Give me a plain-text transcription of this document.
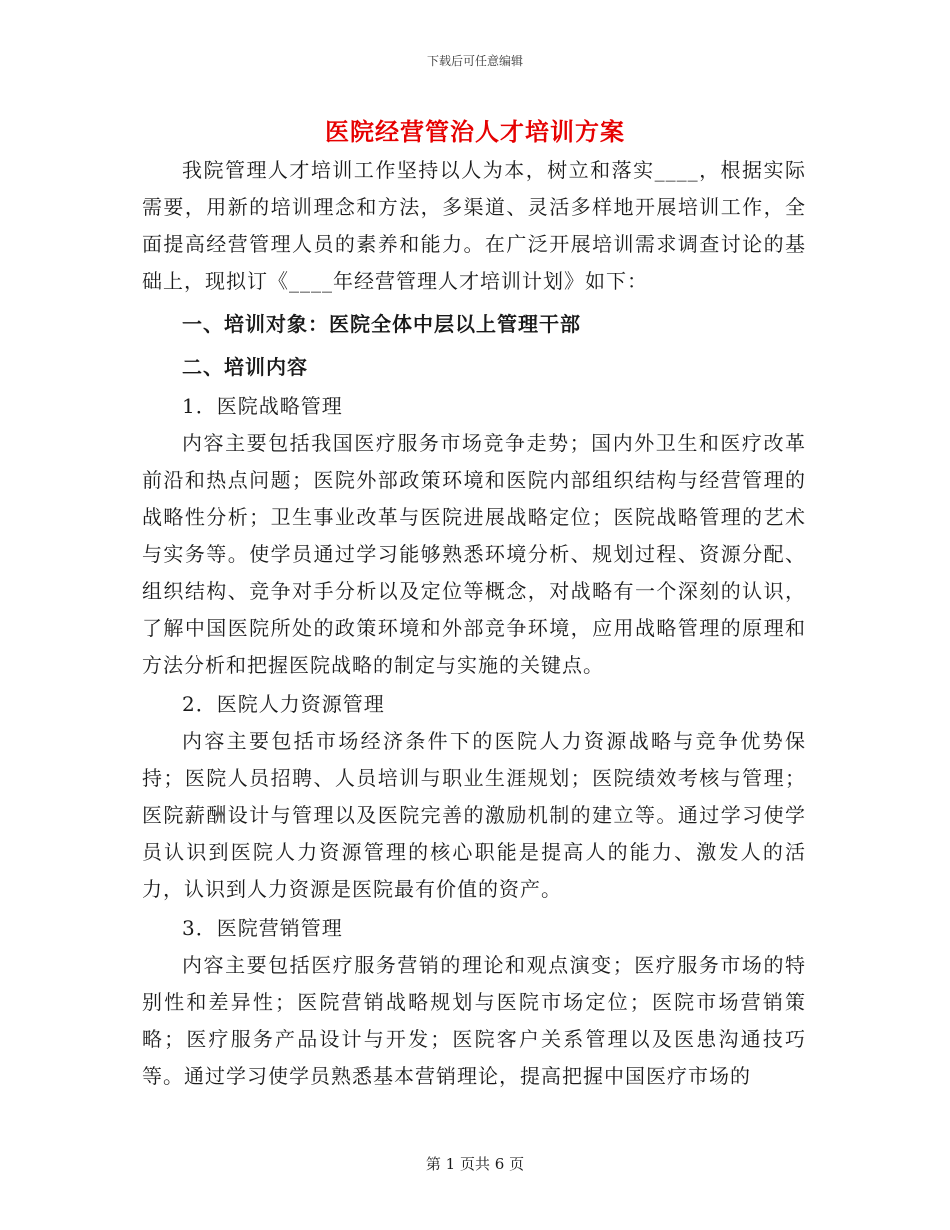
下载后可任意编辑
医院经营管治人才培训方案

我院管理人才培训工作坚持以人为本，树立和落实____，根据实际需要，用新的培训理念和方法，多渠道、灵活多样地开展培训工作，全面提高经营管理人员的素养和能力。在广泛开展培训需求调查讨论的基础上，现拟订《____年经营管理人才培训计划》如下：

一、培训对象：医院全体中层以上管理干部

二、培训内容

1．医院战略管理

内容主要包括我国医疗服务市场竞争走势；国内外卫生和医疗改革前沿和热点问题；医院外部政策环境和医院内部组织结构与经营管理的战略性分析；卫生事业改革与医院进展战略定位；医院战略管理的艺术与实务等。使学员通过学习能够熟悉环境分析、规划过程、资源分配、组织结构、竞争对手分析以及定位等概念，对战略有一个深刻的认识，了解中国医院所处的政策环境和外部竞争环境，应用战略管理的原理和方法分析和把握医院战略的制定与实施的关键点。

2．医院人力资源管理

内容主要包括市场经济条件下的医院人力资源战略与竞争优势保持；医院人员招聘、人员培训与职业生涯规划；医院绩效考核与管理；医院薪酬设计与管理以及医院完善的激励机制的建立等。通过学习使学员认识到医院人力资源管理的核心职能是提高人的能力、激发人的活力，认识到人力资源是医院最有价值的资产。

3．医院营销管理

内容主要包括医疗服务营销的理论和观点演变；医疗服务市场的特别性和差异性；医院营销战略规划与医院市场定位；医院市场营销策略；医疗服务产品设计与开发；医院客户关系管理以及医患沟通技巧等。通过学习使学员熟悉基本营销理论，提高把握中国医疗市场的

第 1 页共 6 页
